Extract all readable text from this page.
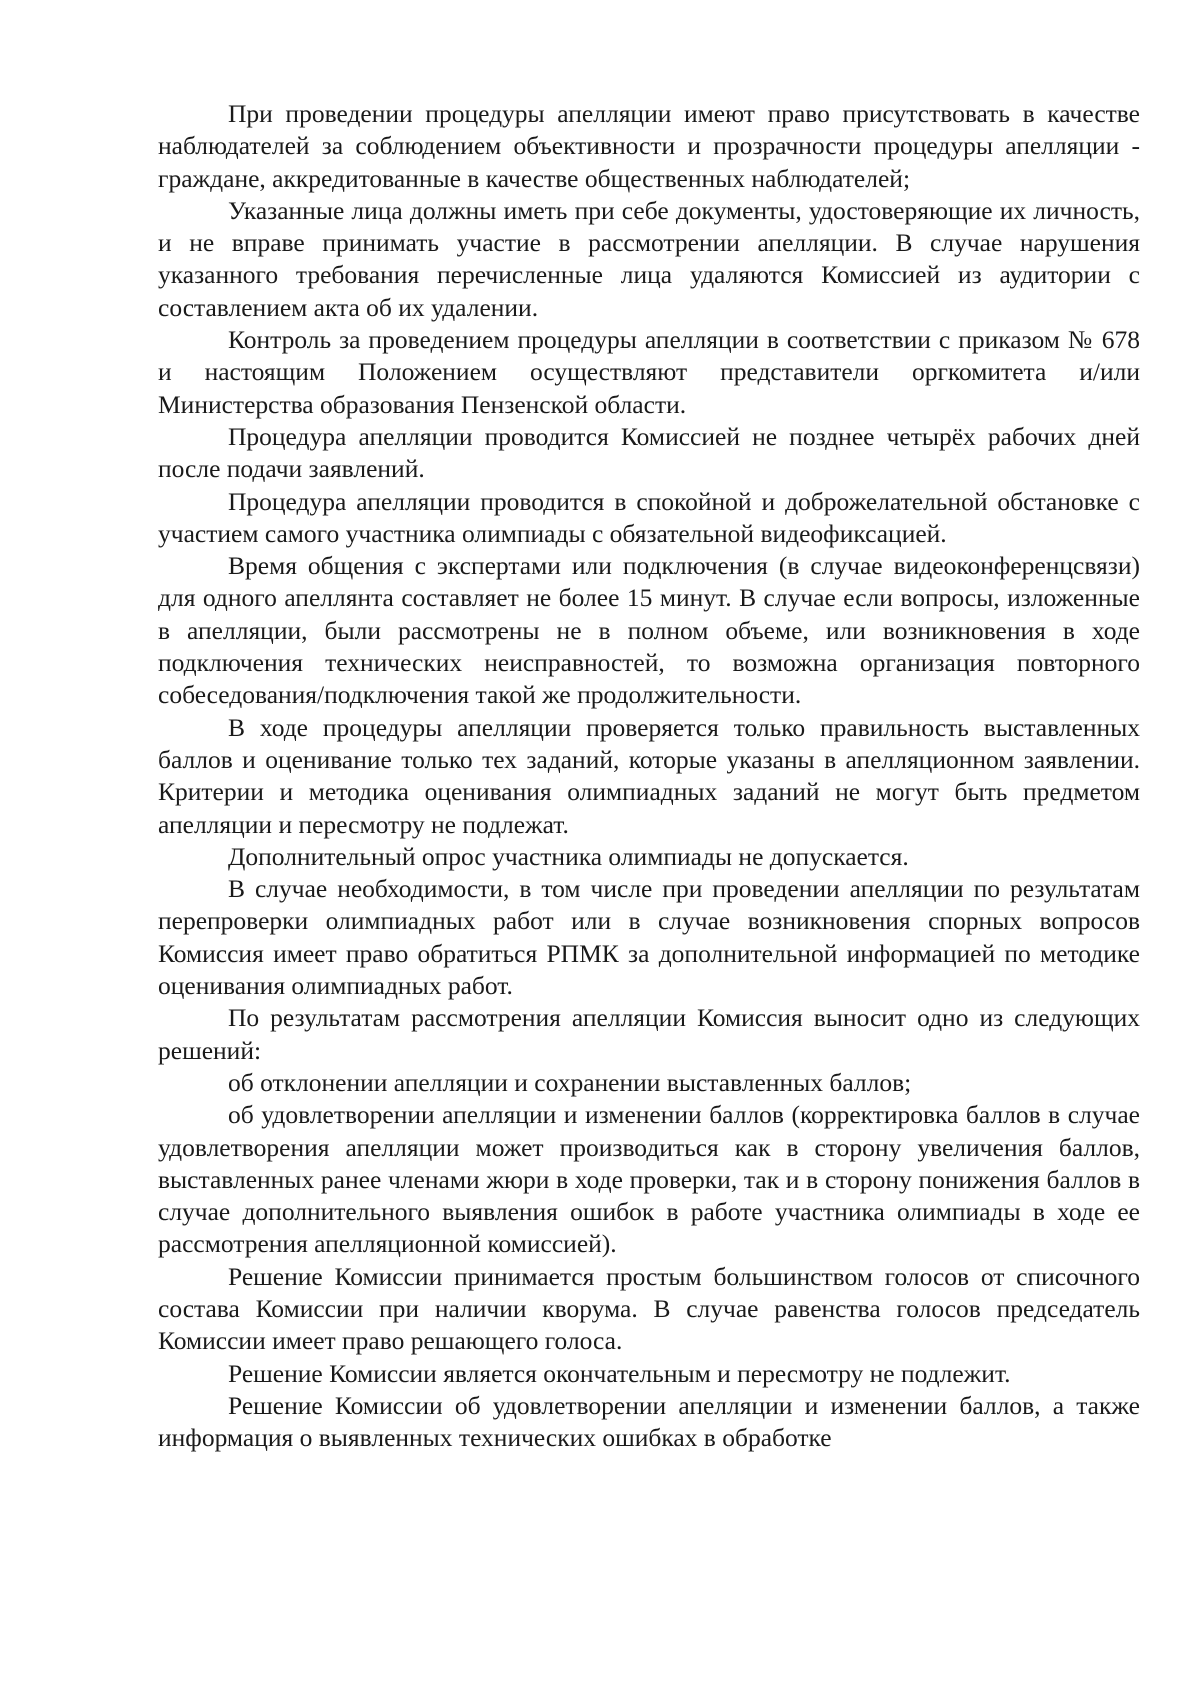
При проведении процедуры апелляции имеют право присутствовать в качестве наблюдателей за соблюдением объективности и прозрачности процедуры апелляции - граждане, аккредитованные в качестве общественных наблюдателей;

Указанные лица должны иметь при себе документы, удостоверяющие их личность, и не вправе принимать участие в рассмотрении апелляции. В случае нарушения указанного требования перечисленные лица удаляются Комиссией из аудитории с составлением акта об их удалении.

Контроль за проведением процедуры апелляции в соответствии с приказом № 678 и настоящим Положением осуществляют представители оргкомитета и/или Министерства образования Пензенской области.

Процедура апелляции проводится Комиссией не позднее четырёх рабочих дней после подачи заявлений.

Процедура апелляции проводится в спокойной и доброжелательной обстановке с участием самого участника олимпиады с обязательной видеофиксацией.

Время общения с экспертами или подключения (в случае видеоконференцсвязи) для одного апеллянта составляет не более 15 минут. В случае если вопросы, изложенные в апелляции, были рассмотрены не в полном объеме, или возникновения в ходе подключения технических неисправностей, то возможна организация повторного собеседования/подключения такой же продолжительности.

В ходе процедуры апелляции проверяется только правильность выставленных баллов и оценивание только тех заданий, которые указаны в апелляционном заявлении. Критерии и методика оценивания олимпиадных заданий не могут быть предметом апелляции и пересмотру не подлежат.

Дополнительный опрос участника олимпиады не допускается.

В случае необходимости, в том числе при проведении апелляции по результатам перепроверки олимпиадных работ или в случае возникновения спорных вопросов Комиссия имеет право обратиться РПМК за дополнительной информацией по методике оценивания олимпиадных работ.

По результатам рассмотрения апелляции Комиссия выносит одно из следующих решений:

об отклонении апелляции и сохранении выставленных баллов;

об удовлетворении апелляции и изменении баллов (корректировка баллов в случае удовлетворения апелляции может производиться как в сторону увеличения баллов, выставленных ранее членами жюри в ходе проверки, так и в сторону понижения баллов в случае дополнительного выявления ошибок в работе участника олимпиады в ходе ее рассмотрения апелляционной комиссией).

Решение Комиссии принимается простым большинством голосов от списочного состава Комиссии при наличии кворума. В случае равенства голосов председатель Комиссии имеет право решающего голоса.

Решение Комиссии является окончательным и пересмотру не подлежит.

Решение Комиссии об удовлетворении апелляции и изменении баллов, а также информация о выявленных технических ошибках в обработке
